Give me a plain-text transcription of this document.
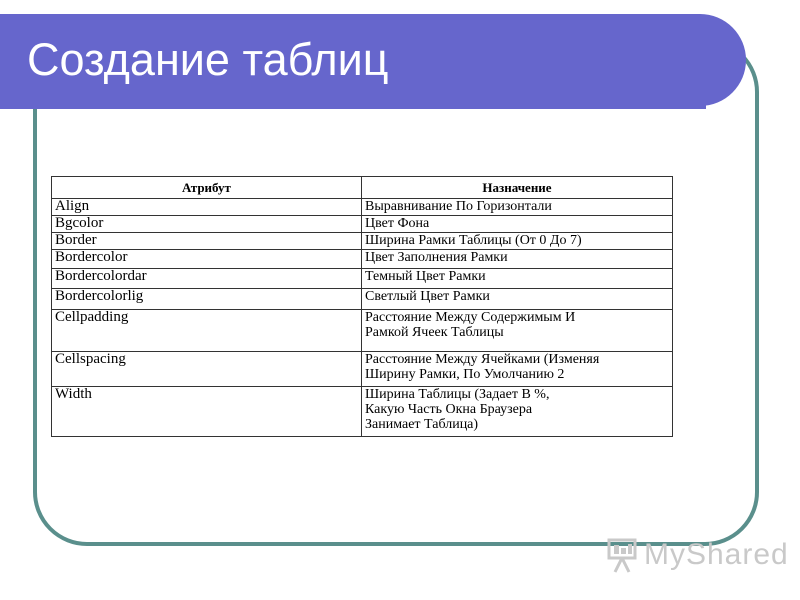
Создание таблиц
Атрибут	Назначение
Align	Выравнивание По Горизонтали
Bgcolor	Цвет Фона
Border	Ширина Рамки Таблицы (От 0 До 7)
Bordercolor	Цвет Заполнения Рамки
Bordercolordar	Темный Цвет Рамки
Bordercolorlig	Светлый Цвет Рамки
Cellpadding	Расстояние Между Содержимым И
Рамкой Ячеек Таблицы
Cellspacing	Расстояние Между Ячейками (Изменяя
Ширину Рамки, По Умолчанию 2
Width	Ширина Таблицы (Задает В %,
Какую Часть Окна Браузера
Занимает Таблица)
MyShared
